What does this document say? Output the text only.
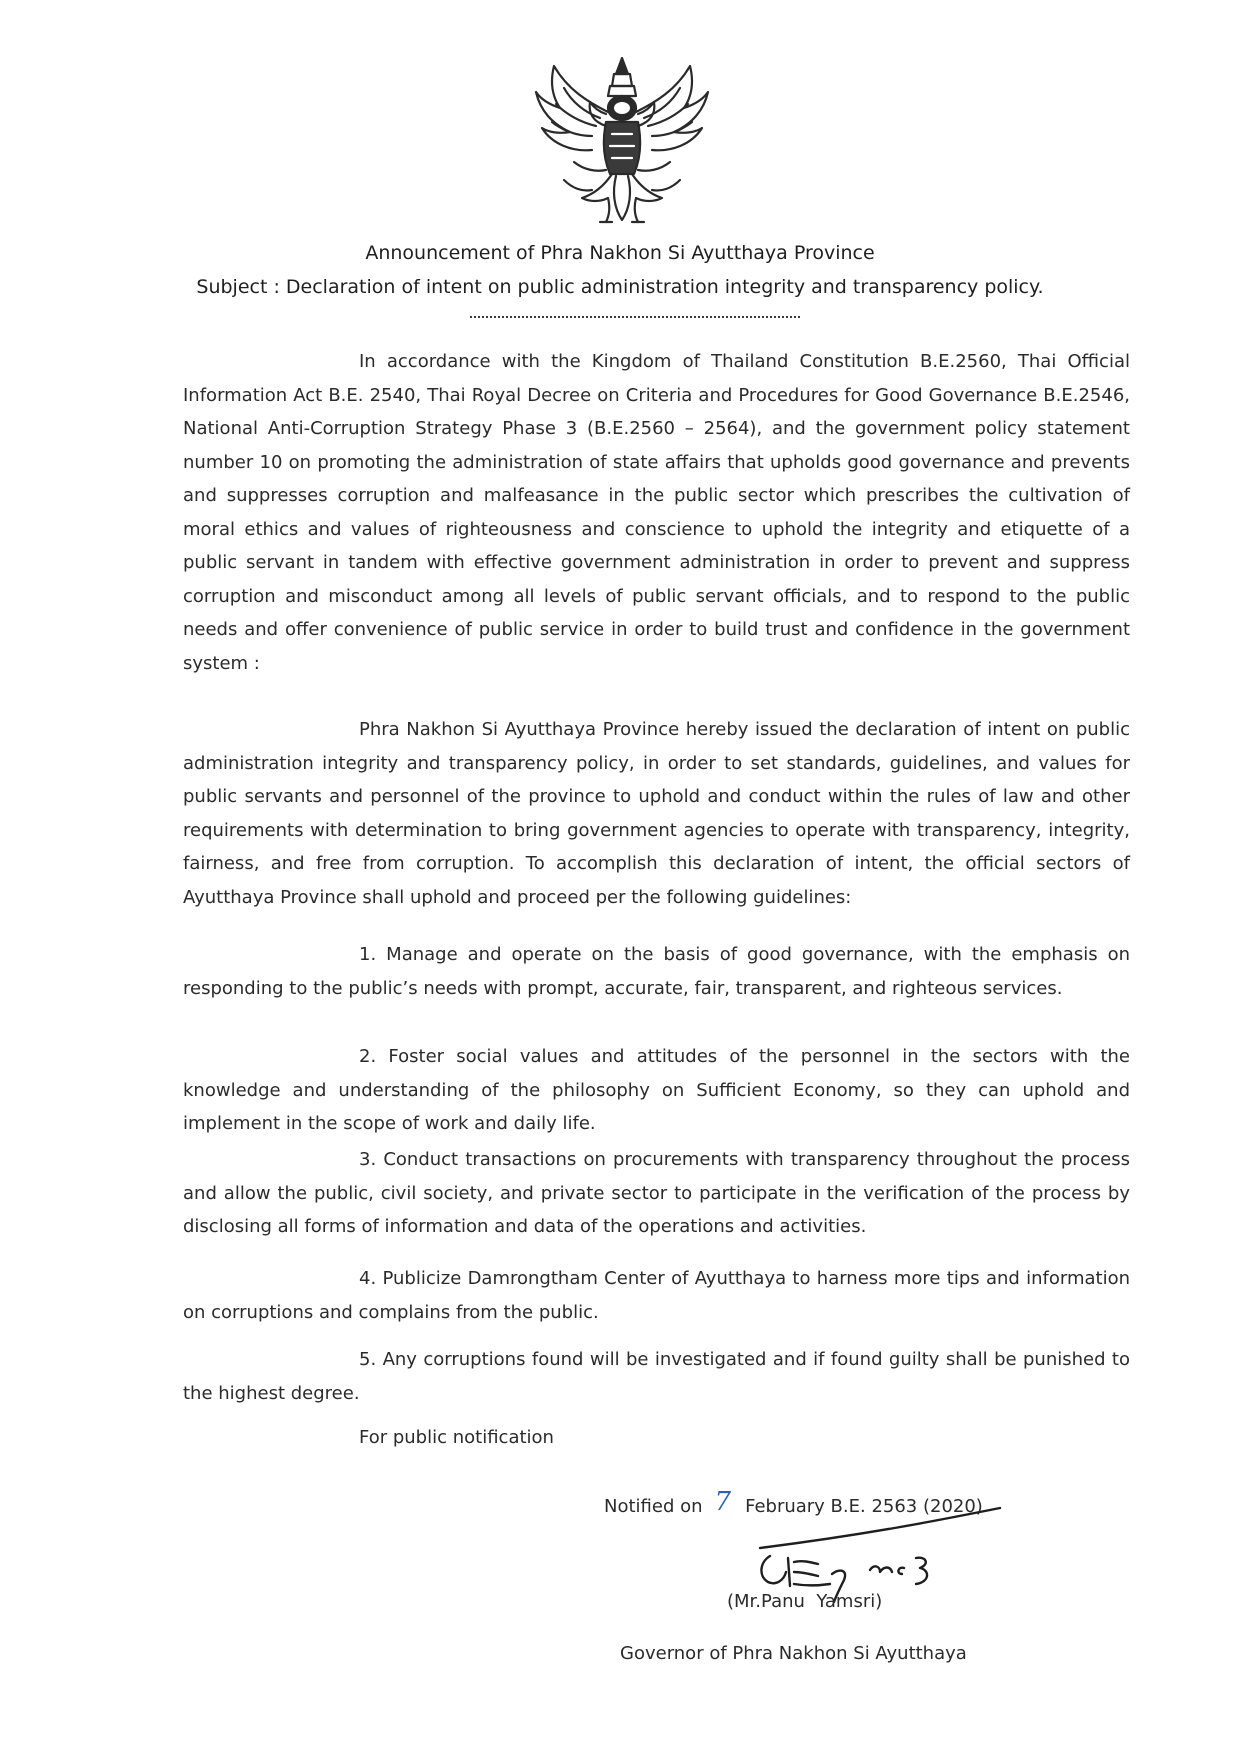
Announcement of Phra Nakhon Si Ayutthaya Province
Subject : Declaration of intent on public administration integrity and transparency policy.
In accordance with the Kingdom of Thailand Constitution B.E.2560, Thai Official Information Act B.E. 2540, Thai Royal Decree on Criteria and Procedures for Good Governance B.E.2546, National Anti-Corruption Strategy Phase 3 (B.E.2560 – 2564), and the government policy statement number 10 on promoting the administration of state affairs that upholds good governance and prevents and suppresses corruption and malfeasance in the public sector which prescribes the cultivation of moral ethics and values of righteousness and conscience to uphold the integrity and etiquette of a public servant in tandem with effective government administration in order to prevent and suppress corruption and misconduct among all levels of public servant officials, and to respond to the public needs and offer convenience of public service in order to build trust and confidence in the government system :
Phra Nakhon Si Ayutthaya Province hereby issued the declaration of intent on public administration integrity and transparency policy, in order to set standards, guidelines, and values for public servants and personnel of the province to uphold and conduct within the rules of law and other requirements with determination to bring government agencies to operate with transparency, integrity, fairness, and free from corruption. To accomplish this declaration of intent, the official sectors of Ayutthaya Province shall uphold and proceed per the following guidelines:
1. Manage and operate on the basis of good governance, with the emphasis on responding to the public’s needs with prompt, accurate, fair, transparent, and righteous services.
2. Foster social values and attitudes of the personnel in the sectors with the knowledge and understanding of the philosophy on Sufficient Economy, so they can uphold and implement in the scope of work and daily life.
3. Conduct transactions on procurements with transparency throughout the process and allow the public, civil society, and private sector to participate in the verification of the process by disclosing all forms of information and data of the operations and activities.
4. Publicize Damrongtham Center of Ayutthaya to harness more tips and information on corruptions and complains from the public.
5. Any corruptions found will be investigated and if found guilty shall be punished to the highest degree.
For public notification
Notified on 7 February B.E. 2563 (2020)
(Mr.Panu  Yamsri)
Governor of Phra Nakhon Si Ayutthaya
